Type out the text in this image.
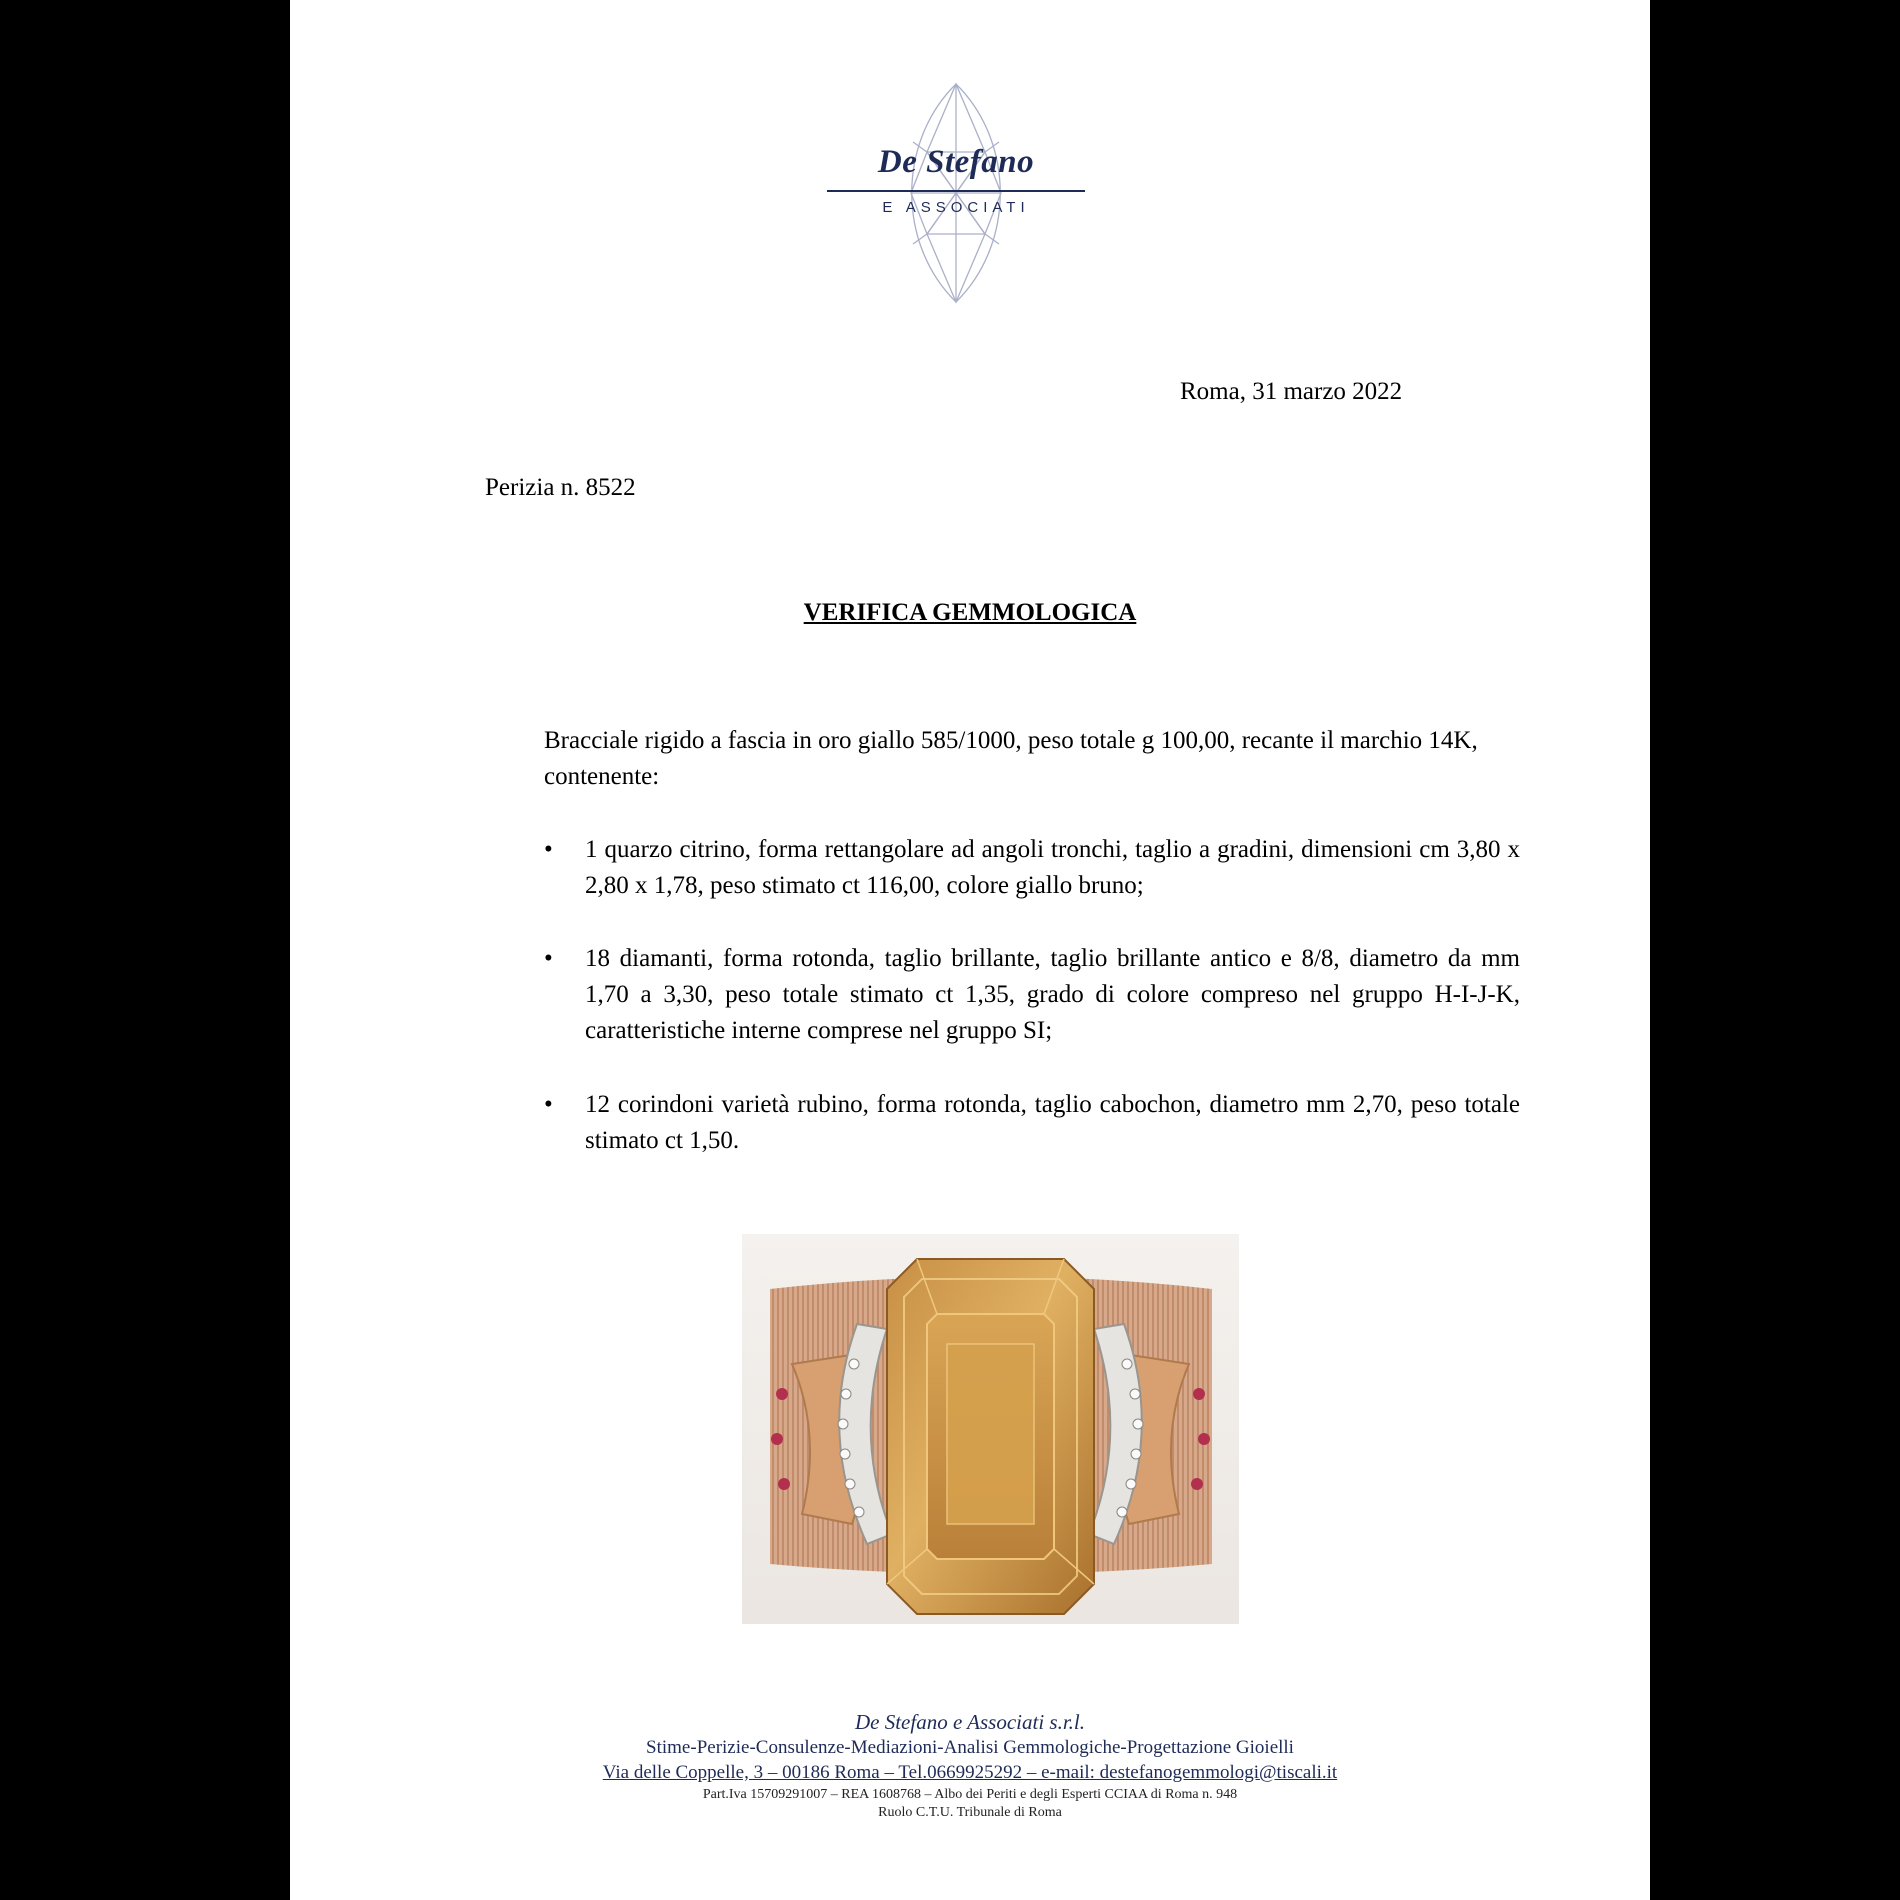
De Stefano
E ASSOCIATI
Roma, 31 marzo 2022
Perizia n. 8522
VERIFICA GEMMOLOGICA
Bracciale rigido a fascia in oro giallo 585/1000, peso totale g 100,00, recante il marchio 14K, contenente:
•	1 quarzo citrino, forma rettangolare ad angoli tronchi, taglio a gradini, dimensioni cm 3,80 x 2,80 x 1,78, peso stimato ct 116,00, colore giallo bruno;
•	18 diamanti, forma rotonda, taglio brillante, taglio brillante antico e 8/8, diametro da mm 1,70 a 3,30, peso totale stimato ct 1,35, grado di colore compreso nel gruppo H-I-J-K, caratteristiche interne comprese nel gruppo SI;
•	12 corindoni varietà rubino, forma rotonda, taglio cabochon, diametro mm 2,70, peso totale stimato ct 1,50.
De Stefano e Associati s.r.l.
Stime-Perizie-Consulenze-Mediazioni-Analisi Gemmologiche-Progettazione Gioielli
Via delle Coppelle, 3 – 00186 Roma – Tel.0669925292 – e-mail: destefanogemmologi@tiscali.it
Part.Iva 15709291007 – REA 1608768 – Albo dei Periti e degli Esperti CCIAA di Roma n. 948
Ruolo C.T.U. Tribunale di Roma
